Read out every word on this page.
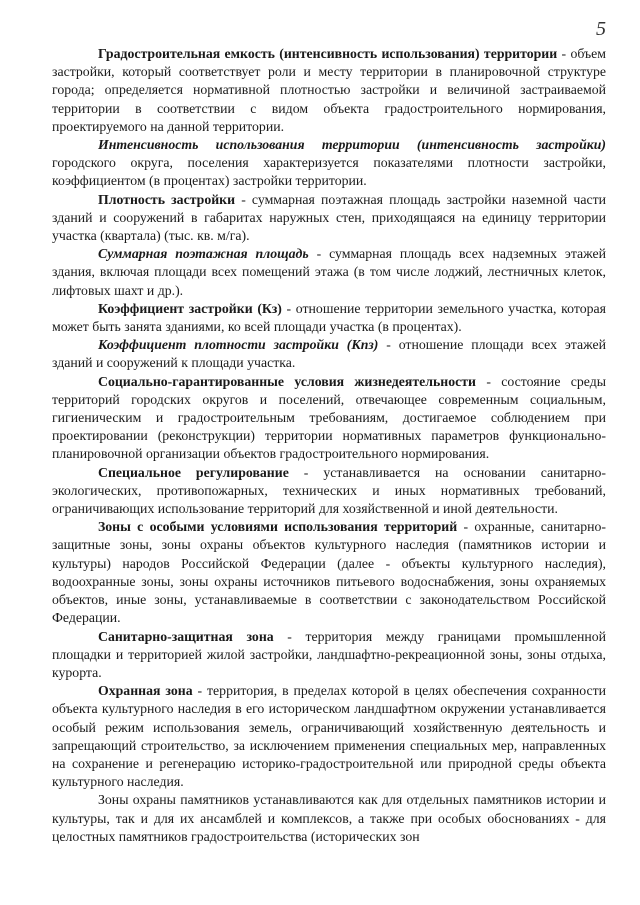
5

Градостроительная емкость (интенсивность использования) территории - объем застройки, который соответствует роли и месту территории в планировочной структуре города; определяется нормативной плотностью застройки и величиной застраиваемой территории в соответствии с видом объекта градостроительного нормирования, проектируемого на данной территории.

Интенсивность использования территории (интенсивность застройки) городского округа, поселения характеризуется показателями плотности застройки, коэффициентом (в процентах) застройки территории.

Плотность застройки - суммарная поэтажная площадь застройки наземной части зданий и сооружений в габаритах наружных стен, приходящаяся на единицу территории участка (квартала) (тыс. кв. м/га).

Суммарная поэтажная площадь - суммарная площадь всех надземных этажей здания, включая площади всех помещений этажа (в том числе лоджий, лестничных клеток, лифтовых шахт и др.).

Коэффициент застройки (Кз) - отношение территории земельного участка, которая может быть занята зданиями, ко всей площади участка (в процентах).

Коэффициент плотности застройки (Кпз) - отношение площади всех этажей зданий и сооружений к площади участка.

Социально-гарантированные условия жизнедеятельности - состояние среды территорий городских округов и поселений, отвечающее современным социальным, гигиеническим и градостроительным требованиям, достигаемое соблюдением при проектировании (реконструкции) территории нормативных параметров функционально-планировочной организации объектов градостроительного нормирования.

Специальное регулирование - устанавливается на основании санитарно-экологических, противопожарных, технических и иных нормативных требований, ограничивающих использование территорий для хозяйственной и иной деятельности.

Зоны с особыми условиями использования территорий - охранные, санитарно-защитные зоны, зоны охраны объектов культурного наследия (памятников истории и культуры) народов Российской Федерации (далее - объекты культурного наследия), водоохранные зоны, зоны охраны источников питьевого водоснабжения, зоны охраняемых объектов, иные зоны, устанавливаемые в соответствии с законодательством Российской Федерации.

Санитарно-защитная зона - территория между границами промышленной площадки и территорией жилой застройки, ландшафтно-рекреационной зоны, зоны отдыха, курорта.

Охранная зона - территория, в пределах которой в целях обеспечения сохранности объекта культурного наследия в его историческом ландшафтном окружении устанавливается особый режим использования земель, ограничивающий хозяйственную деятельность и запрещающий строительство, за исключением применения специальных мер, направленных на сохранение и регенерацию историко-градостроительной или природной среды объекта культурного наследия.

Зоны охраны памятников устанавливаются как для отдельных памятников истории и культуры, так и для их ансамблей и комплексов, а также при особых обоснованиях - для целостных памятников градостроительства (исторических зон
